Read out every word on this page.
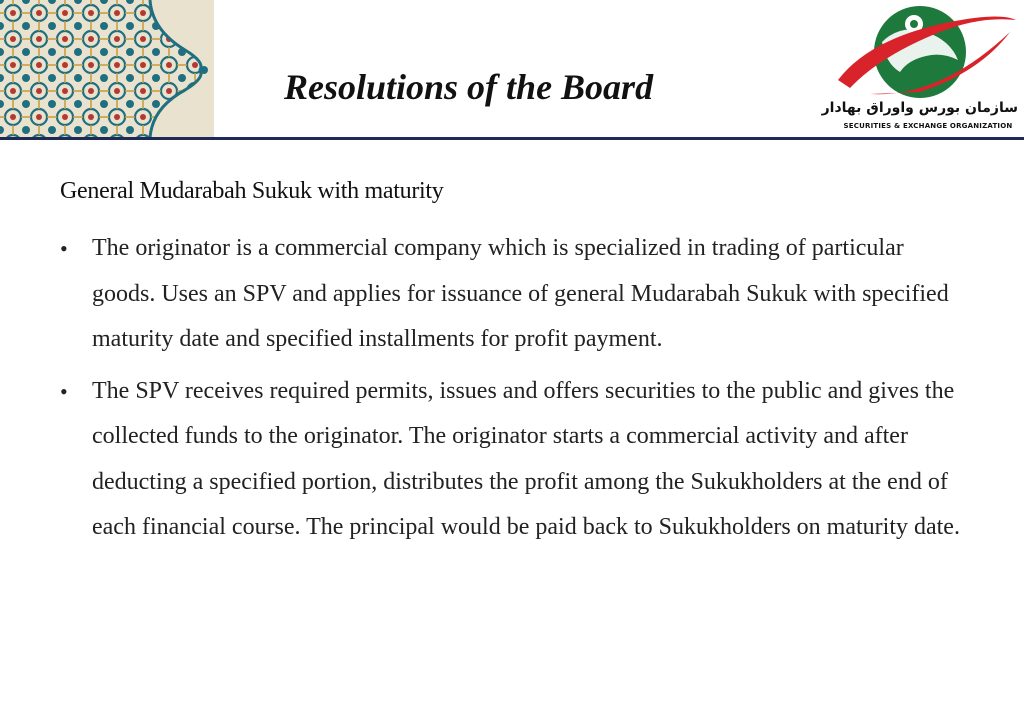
Resolutions of the Board
سازمان بورس واوراق بهادار
SECURITIES & EXCHANGE ORGANIZATION
General Mudarabah Sukuk with maturity
• The originator is a commercial company which is specialized in trading of particular goods. Uses an SPV and applies for issuance of general Mudarabah Sukuk with specified maturity date and specified installments for profit payment.
• The SPV receives required permits, issues and offers securities to the public and gives the collected funds to the originator. The originator starts a commercial activity and after deducting a specified portion, distributes the profit among the Sukukholders at the end of each financial course. The principal would be paid back to Sukukholders on maturity date.
